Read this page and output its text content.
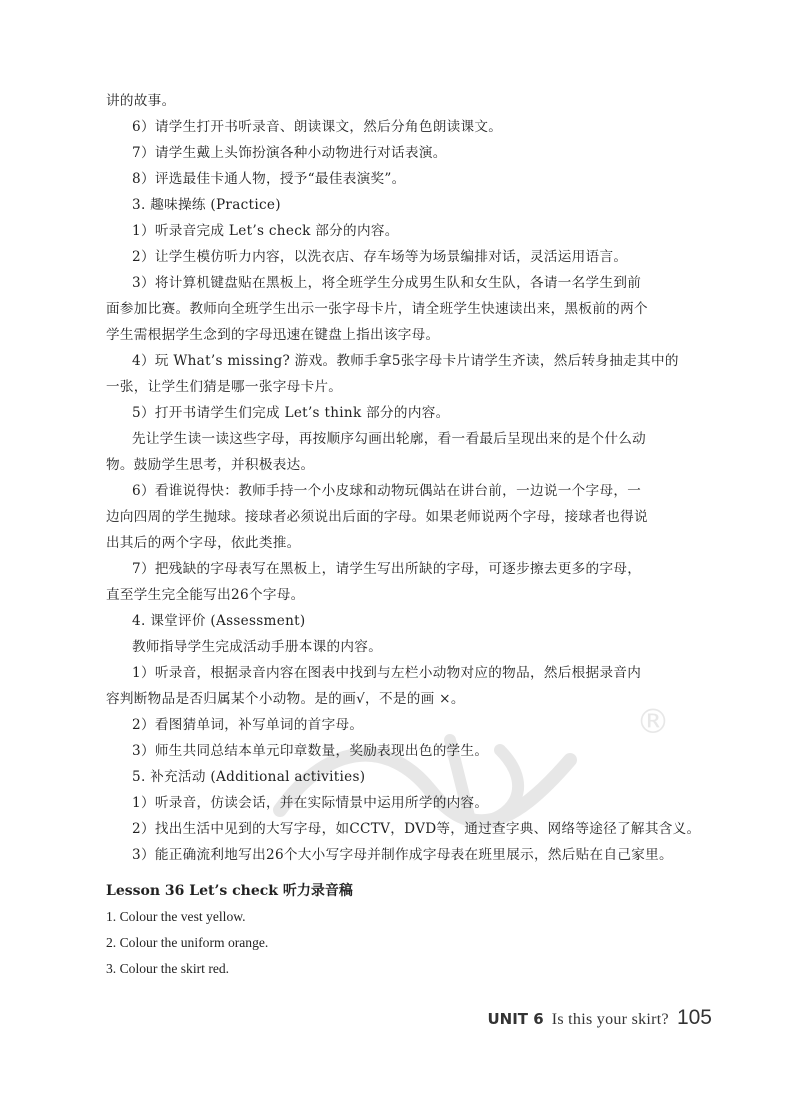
®
讲的故事。
6）请学生打开书听录音、朗读课文，然后分角色朗读课文。
7）请学生戴上头饰扮演各种小动物进行对话表演。
8）评选最佳卡通人物，授予“最佳表演奖”。
3. 趣味操练 (Practice)
1）听录音完成 Let’s check 部分的内容。
2）让学生模仿听力内容，以洗衣店、存车场等为场景编排对话，灵活运用语言。
3）将计算机键盘贴在黑板上，将全班学生分成男生队和女生队，各请一名学生到前
面参加比赛。教师向全班学生出示一张字母卡片，请全班学生快速读出来，黑板前的两个
学生需根据学生念到的字母迅速在键盘上指出该字母。
4）玩 What’s missing? 游戏。教师手拿5张字母卡片请学生齐读，然后转身抽走其中的
一张，让学生们猜是哪一张字母卡片。
5）打开书请学生们完成 Let’s think 部分的内容。
先让学生读一读这些字母，再按顺序勾画出轮廓，看一看最后呈现出来的是个什么动
物。鼓励学生思考，并积极表达。
6）看谁说得快：教师手持一个小皮球和动物玩偶站在讲台前，一边说一个字母，一
边向四周的学生抛球。接球者必须说出后面的字母。如果老师说两个字母，接球者也得说
出其后的两个字母，依此类推。
7）把残缺的字母表写在黑板上，请学生写出所缺的字母，可逐步擦去更多的字母，
直至学生完全能写出26个字母。
4. 课堂评价 (Assessment)
教师指导学生完成活动手册本课的内容。
1）听录音，根据录音内容在图表中找到与左栏小动物对应的物品，然后根据录音内
容判断物品是否归属某个小动物。是的画√，不是的画 ×。
2）看图猜单词，补写单词的首字母。
3）师生共同总结本单元印章数量，奖励表现出色的学生。
5. 补充活动 (Additional activities)
1）听录音，仿读会话，并在实际情景中运用所学的内容。
2）找出生活中见到的大写字母，如CCTV，DVD等，通过查字典、网络等途径了解其含义。
3）能正确流利地写出26个大小写字母并制作成字母表在班里展示，然后贴在自己家里。
Lesson 36 Let’s check 听力录音稿
1. Colour the vest yellow.
2. Colour the uniform orange.
3. Colour the skirt red.
UNIT 6 Is this your skirt? 105
